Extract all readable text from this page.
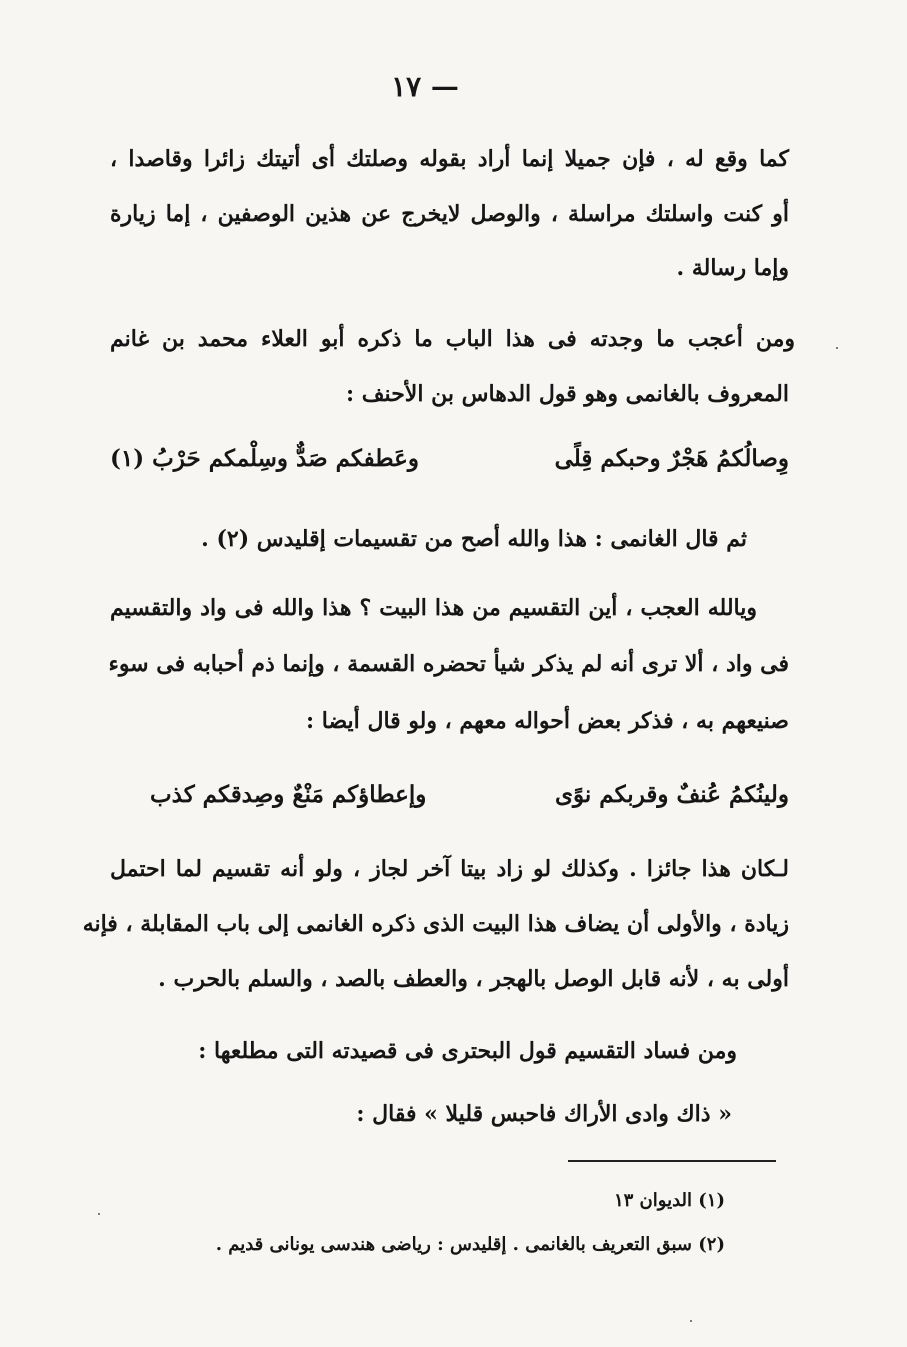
— ١٧
كما وقع له ، فإن جميلا إنما أراد بقوله وصلتك أى أتيتك زائرا وقاصدا ،
أو كنت واسلتك مراسلة ، والوصل لايخرج عن هذين الوصفين ، إما زيارة
وإما رسالة .
ومن أعجب ما وجدته فى هذا الباب ما ذكره أبو العلاء محمد بن غانم
المعروف بالغانمى وهو قول الدهاس بن الأحنف :
وِصالُكمُ هَجْرٌ وحبكم قِلًى
وعَطفكم صَدٌّ وسِلْمكم حَرْبُ (١)
ثم قال الغانمى : هذا والله أصح من تقسيمات إقليدس (٢) .
ويالله العجب ، أين التقسيم من هذا البيت ؟ هذا والله فى واد والتقسيم
فى واد ، ألا ترى أنه لم يذكر شيأ تحضره القسمة ، وإنما ذم أحبابه فى سوء
صنيعهم به ، فذكر بعض أحواله معهم ، ولو قال أيضا :
ولينُكمُ عُنفٌ وقربكم نوًى
وإعطاؤكم مَنْعٌ وصِدقكم كذب
لـكان هذا جائزا . وكذلك لو زاد بيتا آخر لجاز ، ولو أنه تقسيم لما احتمل
زيادة ، والأولى أن يضاف هذا البيت الذى ذكره الغانمى إلى باب المقابلة ، فإنه
أولى به ، لأنه قابل الوصل بالهجر ، والعطف بالصد ، والسلم بالحرب .
ومن فساد التقسيم قول البحترى فى قصيدته التى مطلعها :
« ذاك وادى الأراك فاحبس قليلا » فقال :
(١) الديوان ١٣
(٢) سبق التعريف بالغانمى . إقليدس : رياضى هندسى يونانى قديم .
